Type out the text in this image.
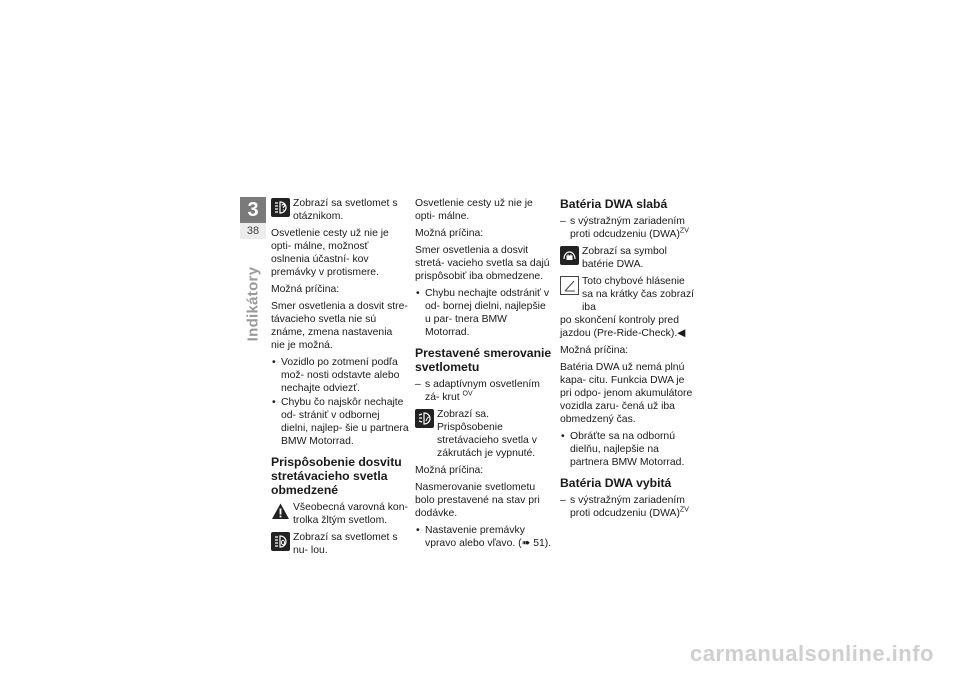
3
38
Indikátory
Zobrazí sa svetlomet s otáznikom.

Osvetlenie cesty už nie je opti- málne, možnosť oslnenia účastní- kov premávky v protismere.

Možná príčina:

Smer osvetlenia a dosvit stre- távacieho svetla nie sú známe, zmena nastavenia nie je možná.

• Vozidlo po zotmení podľa mož- nosti odstavte alebo nechajte odviezť.
• Chybu čo najskôr nechajte od- strániť v odbornej dielni, najlep- šie u partnera BMW Motorrad.
Prispôsobenie dosvitu stretávacieho svetla obmedzené
Všeobecná varovná kon- trolka žltým svetlom.
Zobrazí sa svetlomet s nu- lou.

Osvetlenie cesty už nie je opti- málne.

Možná príčina:

Smer osvetlenia a dosvit stretá- vacieho svetla sa dajú prispôsobiť iba obmedzene.

• Chybu nechajte odstrániť v od- bornej dielni, najlepšie u par- tnera BMW Motorrad.
Prestavené smerovanie svetlometu
– s adaptívnym osvetlením zá- krut $^{OV}$
Zobrazí sa.
Prispôsobenie stretávacieho svetla v zákrutách je vypnuté.

Možná príčina:

Nasmerovanie svetlometu bolo prestavené na stav pri dodávke.

• Nastavenie premávky vpravo alebo vľavo. (➠ 51).
Batéria DWA slabá
– s výstražným zariadením proti odcudzeniu (DWA)$^{ZV}$
Zobrazí sa symbol batérie DWA.
Toto chybové hlásenie sa na krátky čas zobrazí iba
po skončení kontroly pred jazdou (Pre-Ride-Check).◀

Možná príčina:

Batéria DWA už nemá plnú kapa- citu. Funkcia DWA je pri odpo- jenom akumulátore vozidla zaru- čená už iba obmedzený čas.

• Obráťte sa na odbornú dielňu, najlepšie na partnera BMW Motorrad.
Batéria DWA vybitá
– s výstražným zariadením proti odcudzeniu (DWA)$^{ZV}$
carmanualsonline.info
